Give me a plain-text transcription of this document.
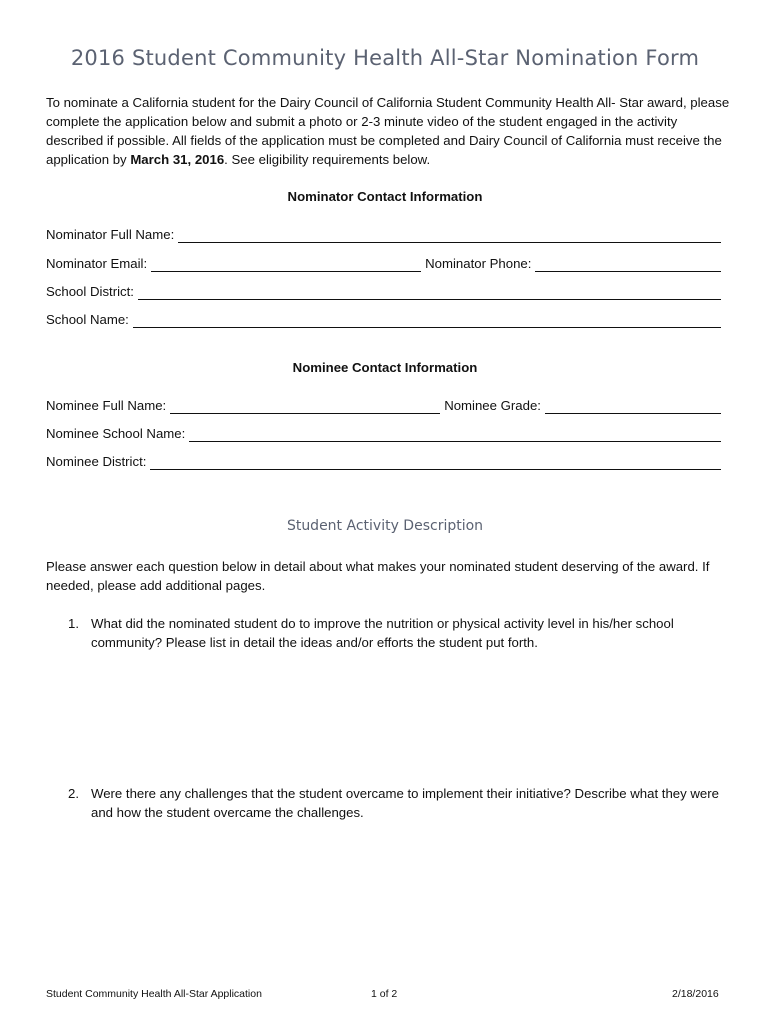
2016 Student Community Health All-Star Nomination Form
To nominate a California student for the Dairy Council of California Student Community Health All- Star award, please complete the application below and submit a photo or 2-3 minute video of the student engaged in the activity described if possible. All fields of the application must be completed and Dairy Council of California must receive the application by March 31, 2016. See eligibility requirements below.
Nominator Contact Information
Nominator Full Name:
Nominator Email:	Nominator Phone:
School District:
School Name:
Nominee Contact Information
Nominee Full Name:	Nominee Grade:
Nominee School Name:
Nominee District:
Student Activity Description
Please answer each question below in detail about what makes your nominated student deserving of the award. If needed, please add additional pages.
1. What did the nominated student do to improve the nutrition or physical activity level in his/her school community? Please list in detail the ideas and/or efforts the student put forth.
2. Were there any challenges that the student overcame to implement their initiative? Describe what they were and how the student overcame the challenges.
Student Community Health All-Star Application	1 of 2	2/18/2016
